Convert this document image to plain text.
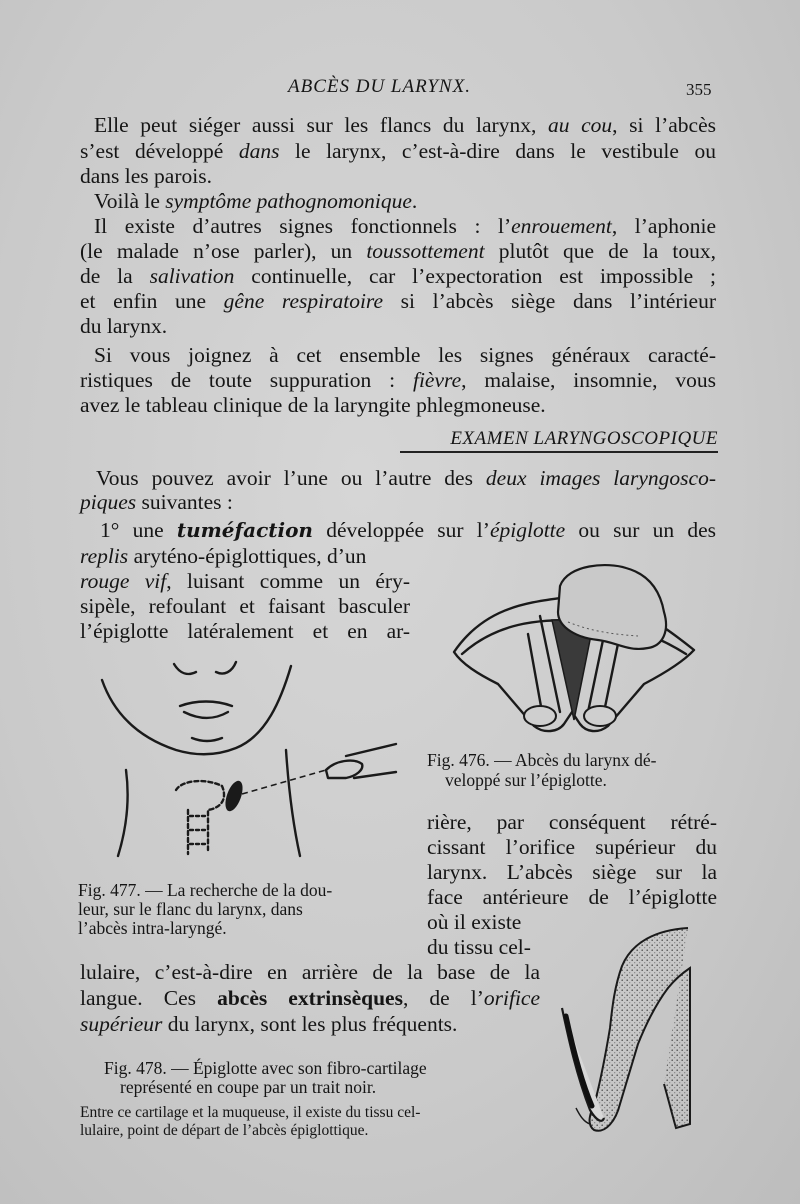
ABCÈS DU LARYNX.	355
Elle peut siéger aussi sur les flancs du larynx, au cou, si l’abcès
s’est développé dans le larynx, c’est-à-dire dans le vestibule ou
dans les parois.
Voilà le symptôme pathognomonique.
Il existe d’autres signes fonctionnels : l’enrouement, l’aphonie
(le malade n’ose parler), un toussottement plutôt que de la toux,
de la salivation continuelle, car l’expectoration est impossible ;
et enfin une gêne respiratoire si l’abcès siège dans l’intérieur
du larynx.
Si vous joignez à cet ensemble les signes généraux caracté-
ristiques de toute suppuration : fièvre, malaise, insomnie, vous
avez le tableau clinique de la laryngite phlegmoneuse.
EXAMEN LARYNGOSCOPIQUE
Vous pouvez avoir l’une ou l’autre des deux images laryngosco-
piques suivantes :
1° une tuméfaction développée sur l’épiglotte ou sur un des
replis aryténo-épiglottiques, d’un
rouge vif, luisant comme un éry-
sipèle, refoulant et faisant basculer
l’épiglotte latéralement et en ar-
Fig. 476. — Abcès du larynx dé-
veloppé sur l’épiglotte.
Fig. 477. — La recherche de la dou-
leur, sur le flanc du larynx, dans
l’abcès intra-laryngé.
rière, par conséquent rétré-
cissant l’orifice supérieur du
larynx. L’abcès siège sur la
face antérieure de l’épiglotte
où il existe
du tissu cel-
lulaire, c’est-à-dire en arrière de la base de la
langue. Ces abcès extrinsèques, de l’orifice
supérieur du larynx, sont les plus fréquents.
Fig. 478. — Épiglotte avec son fibro-cartilage
représenté en coupe par un trait noir.
Entre ce cartilage et la muqueuse, il existe du tissu cel-
lulaire, point de départ de l’abcès épiglottique.
